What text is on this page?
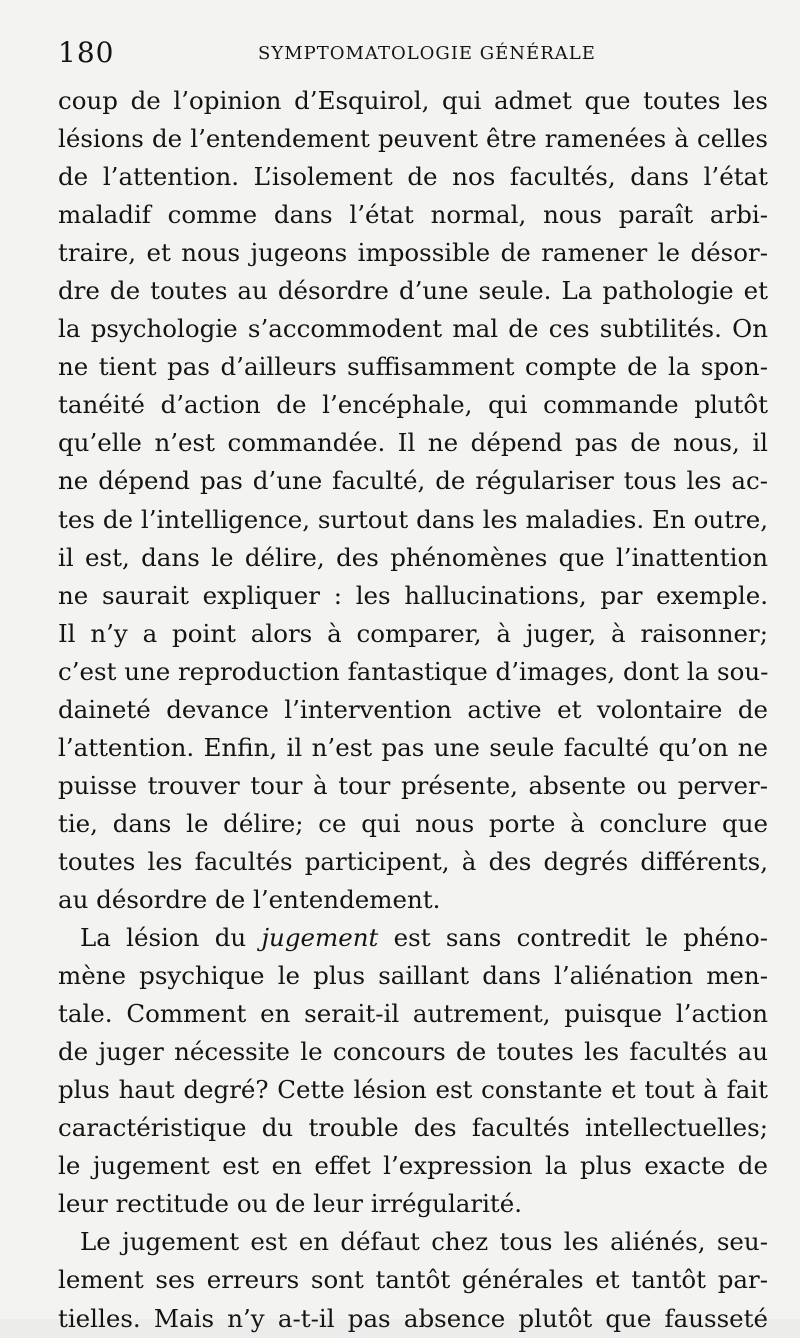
180	SYMPTOMATOLOGIE GÉNÉRALE
coup de l’opinion d’Esquirol, qui admet que toutes les
lésions de l’entendement peuvent être ramenées à celles
de l’attention. L’isolement de nos facultés, dans l’état
maladif comme dans l’état normal, nous paraît arbi-
traire, et nous jugeons impossible de ramener le désor-
dre de toutes au désordre d’une seule. La pathologie et
la psychologie s’accommodent mal de ces subtilités. On
ne tient pas d’ailleurs suffisamment compte de la spon-
tanéité d’action de l’encéphale, qui commande plutôt
qu’elle n’est commandée. Il ne dépend pas de nous, il
ne dépend pas d’une faculté, de régulariser tous les ac-
tes de l’intelligence, surtout dans les maladies. En outre,
il est, dans le délire, des phénomènes que l’inattention
ne saurait expliquer : les hallucinations, par exemple.
Il n’y a point alors à comparer, à juger, à raisonner;
c’est une reproduction fantastique d’images, dont la sou-
daineté devance l’intervention active et volontaire de
l’attention. Enfin, il n’est pas une seule faculté qu’on ne
puisse trouver tour à tour présente, absente ou perver-
tie, dans le délire; ce qui nous porte à conclure que
toutes les facultés participent, à des degrés différents,
au désordre de l’entendement.
La lésion du jugement est sans contredit le phéno-
mène psychique le plus saillant dans l’aliénation men-
tale. Comment en serait-il autrement, puisque l’action
de juger nécessite le concours de toutes les facultés au
plus haut degré? Cette lésion est constante et tout à fait
caractéristique du trouble des facultés intellectuelles;
le jugement est en effet l’expression la plus exacte de
leur rectitude ou de leur irrégularité.
Le jugement est en défaut chez tous les aliénés, seu-
lement ses erreurs sont tantôt générales et tantôt par-
tielles. Mais n’y a-t-il pas absence plutôt que fausseté
